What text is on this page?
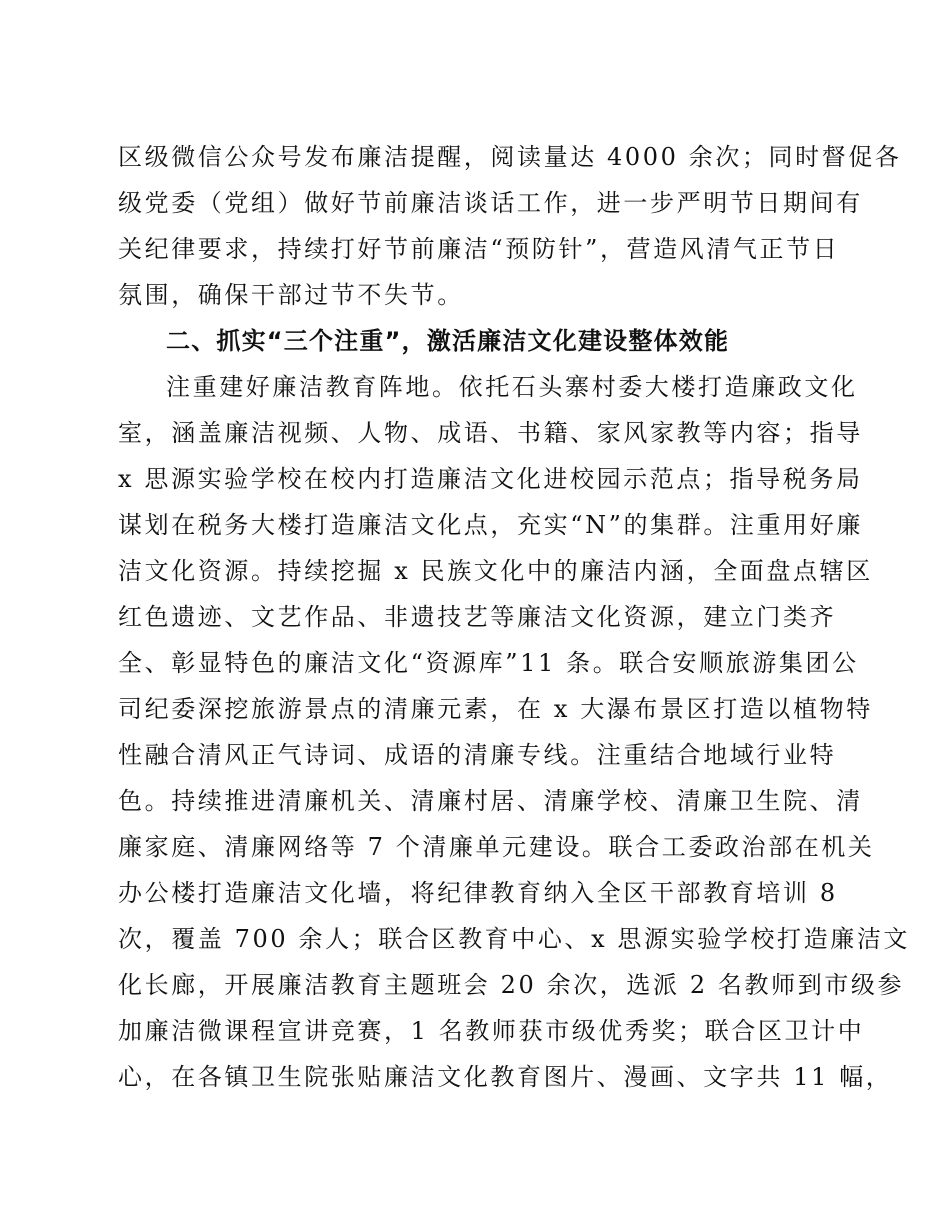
区级微信公众号发布廉洁提醒，阅读量达 4000 余次；同时督促各
级党委（党组）做好节前廉洁谈话工作，进一步严明节日期间有
关纪律要求，持续打好节前廉洁“预防针”，营造风清气正节日
氛围，确保干部过节不失节。
二、抓实“三个注重”，激活廉洁文化建设整体效能
注重建好廉洁教育阵地。依托石头寨村委大楼打造廉政文化
室，涵盖廉洁视频、人物、成语、书籍、家风家教等内容；指导
x 思源实验学校在校内打造廉洁文化进校园示范点；指导税务局
谋划在税务大楼打造廉洁文化点，充实“N”的集群。注重用好廉
洁文化资源。持续挖掘 x 民族文化中的廉洁内涵，全面盘点辖区
红色遗迹、文艺作品、非遗技艺等廉洁文化资源，建立门类齐
全、彰显特色的廉洁文化“资源库”11 条。联合安顺旅游集团公
司纪委深挖旅游景点的清廉元素，在 x 大瀑布景区打造以植物特
性融合清风正气诗词、成语的清廉专线。注重结合地域行业特
色。持续推进清廉机关、清廉村居、清廉学校、清廉卫生院、清
廉家庭、清廉网络等 7 个清廉单元建设。联合工委政治部在机关
办公楼打造廉洁文化墙，将纪律教育纳入全区干部教育培训 8
次，覆盖 700 余人；联合区教育中心、x 思源实验学校打造廉洁文
化长廊，开展廉洁教育主题班会 20 余次，选派 2 名教师到市级参
加廉洁微课程宣讲竞赛，1 名教师获市级优秀奖；联合区卫计中
心，在各镇卫生院张贴廉洁文化教育图片、漫画、文字共 11 幅，
